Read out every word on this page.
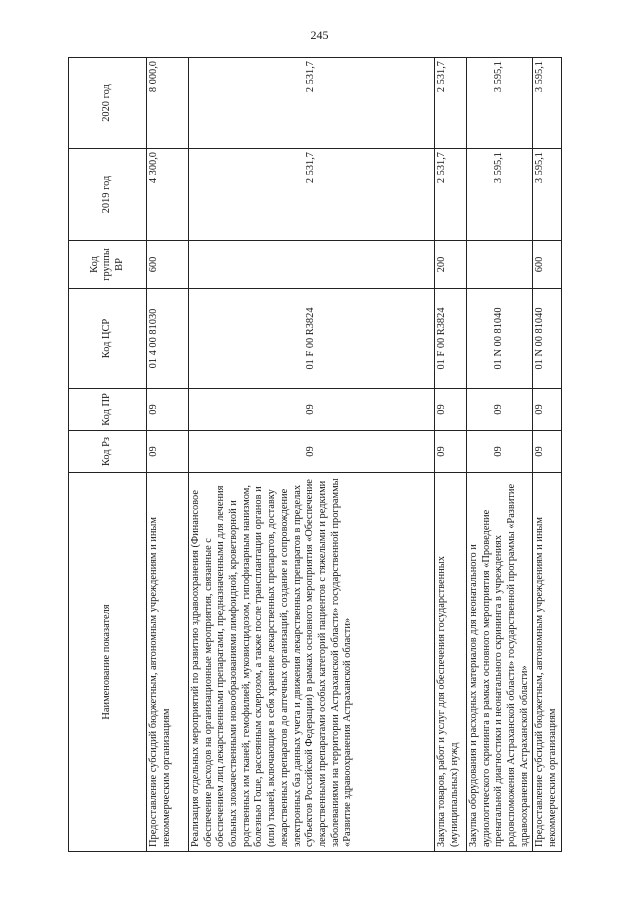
245
Наименование показателя	Код Рз	Код ПР	Код ЦСР	Код группы ВР	2019 год	2020 год
Предоставление субсидий бюджетным, автономным учреждениям и иным некоммерческим организациям	09	09	01 4 00 81030	600	4 300,0	8 000,0
Реализация отдельных мероприятий по развитию здравоохранения (Финансовое обеспечение расходов на организационные мероприятия, связанные с обеспечением лиц лекарственными препаратами, предназначенными для лечения больных злокачественными новообразованиями лимфоидной, кроветворной и родственных им тканей, гемофилией, муковисцидозом, гипофизарным нанизмом, болезнью Гоше, рассеянным склерозом, а также после трансплантации органов и (или) тканей, включающие в себя хранение лекарственных препаратов, доставку лекарственных препаратов до аптечных организаций, создание и сопровождение электронных баз данных учета и движения лекарственных препаратов в пределах субъектов Российской Федерации) в рамках основного мероприятия «Обеспечение лекарственными препаратами особых категорий пациентов с тяжелыми и редкими заболеваниями на территории Астраханской области» государственной программы «Развитие здравоохранения Астраханской области»	09	09	01 F 00 R3824		2 531,7	2 531,7
Закупка товаров, работ и услуг для обеспечения государственных (муниципальных) нужд	09	09	01 F 00 R3824	200	2 531,7	2 531,7
Закупка оборудования и расходных материалов для неонатального и аудиологического скрининга в рамках основного мероприятия «Проведение пренатальной диагностики и неонатального скрининга в учреждениях родовспоможения Астраханской области» государственной программы «Развитие здравоохранения Астраханской области»	09	09	01 N 00 81040		3 595,1	3 595,1
Предоставление субсидий бюджетным, автономным учреждениям и иным некоммерческим организациям	09	09	01 N 00 81040	600	3 595,1	3 595,1
